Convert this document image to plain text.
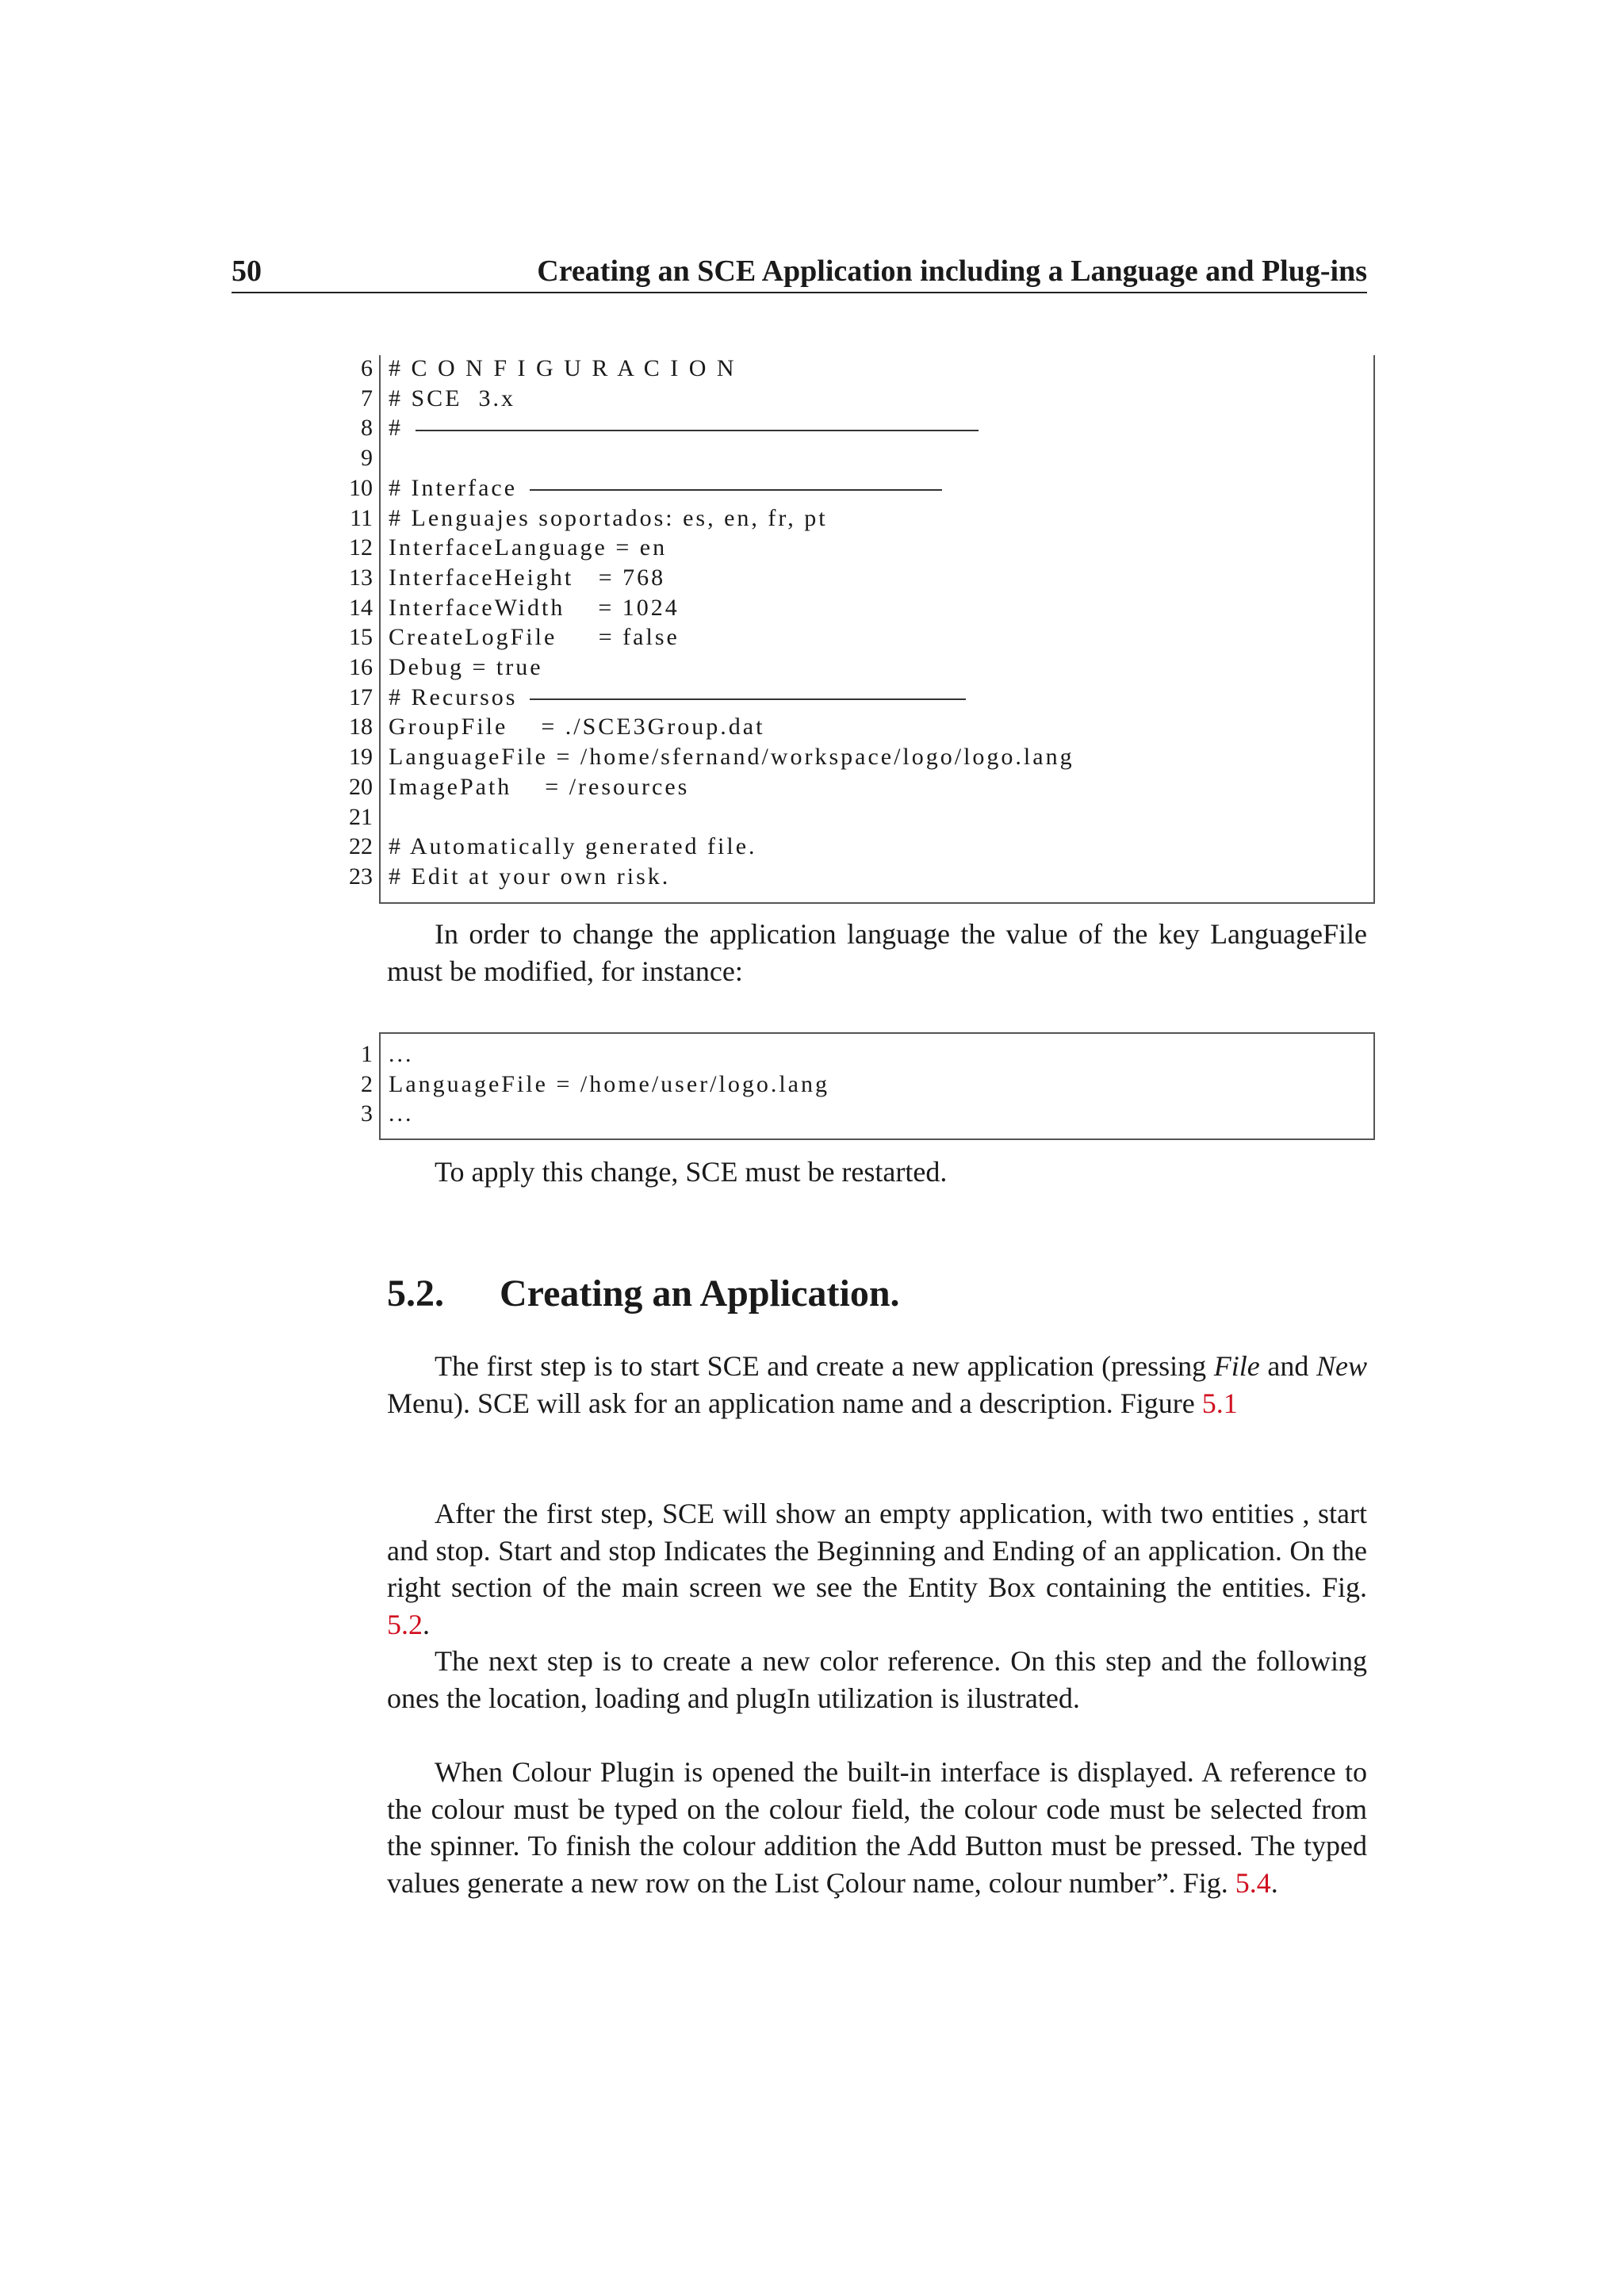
50	Creating an SCE Application including a Language and Plug-ins
6 # C O N F I G U R A C I O N
7 # SCE  3.x
8 #
9
10 # Interface
11 # Lenguajes soportados: es, en, fr, pt
12 InterfaceLanguage = en
13 InterfaceHeight   = 768
14 InterfaceWidth    = 1024
15 CreateLogFile     = false
16 Debug = true
17 # Recursos
18 GroupFile    = ./SCE3Group.dat
19 LanguageFile = /home/sfernand/workspace/logo/logo.lang
20 ImagePath    = /resources
21
22 # Automatically generated file.
23 # Edit at your own risk.
In order to change the application language the value of the key LanguageFile must be modified, for instance:
1 ...
2 LanguageFile = /home/user/logo.lang
3 ...
To apply this change, SCE must be restarted.
5.2. Creating an Application.
The first step is to start SCE and create a new application (pressing File and New Menu). SCE will ask for an application name and a description. Figure 5.1
After the first step, SCE will show an empty application, with two entities , start and stop. Start and stop Indicates the Beginning and Ending of an application. On the right section of the main screen we see the Entity Box containing the entities. Fig. 5.2.
The next step is to create a new color reference. On this step and the following ones the location, loading and plugIn utilization is ilustrated.
When Colour Plugin is opened the built-in interface is displayed. A reference to the colour must be typed on the colour field, the colour code must be selected from the spinner. To finish the colour addition the Add Button must be pressed. The typed values generate a new row on the List Çolour name, colour number”. Fig. 5.4.
